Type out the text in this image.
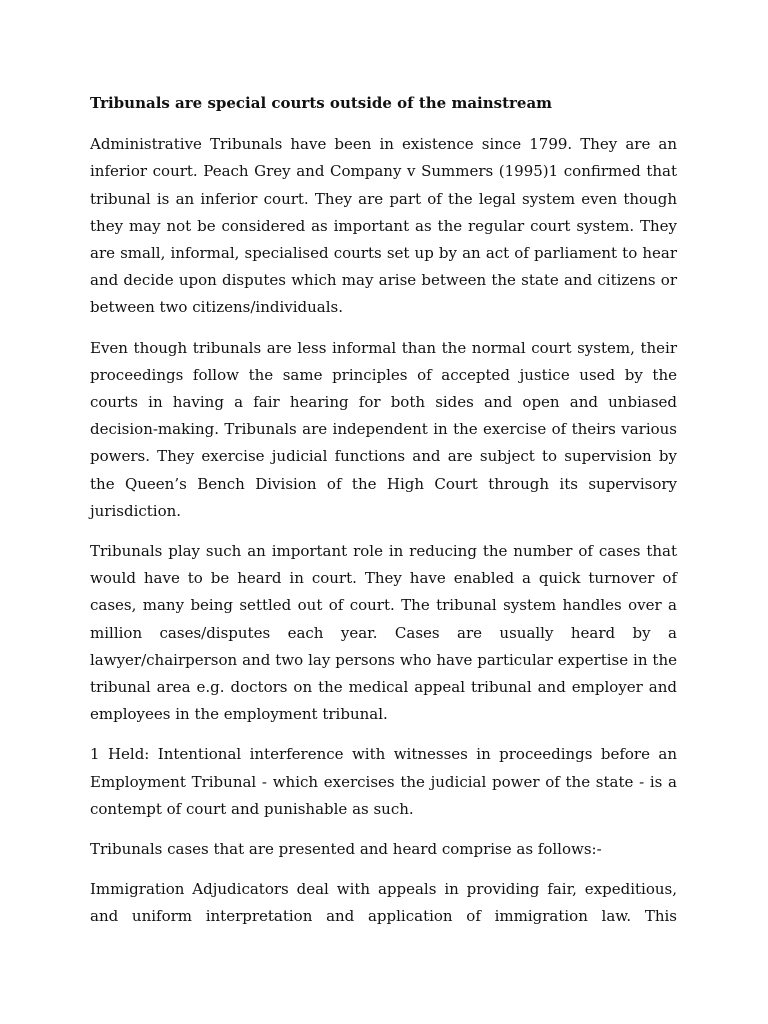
Tribunals are special courts outside of the mainstream

Administrative Tribunals have been in existence since 1799. They are an inferior court. Peach Grey and Company v Summers (1995)1 confirmed that tribunal is an inferior court. They are part of the legal system even though they may not be considered as important as the regular court system. They are small, informal, specialised courts set up by an act of parliament to hear and decide upon disputes which may arise between the state and citizens or between two citizens/individuals.

Even though tribunals are less informal than the normal court system, their proceedings follow the same principles of accepted justice used by the courts in having a fair hearing for both sides and open and unbiased decision-making. Tribunals are independent in the exercise of theirs various powers. They exercise judicial functions and are subject to supervision by the Queen’s Bench Division of the High Court through its supervisory jurisdiction.

Tribunals play such an important role in reducing the number of cases that would have to be heard in court. They have enabled a quick turnover of cases, many being settled out of court. The tribunal system handles over a million cases/disputes each year. Cases are usually heard by a lawyer/chairperson and two lay persons who have particular expertise in the tribunal area e.g. doctors on the medical appeal tribunal and employer and employees in the employment tribunal.

1 Held: Intentional interference with witnesses in proceedings before an Employment Tribunal - which exercises the judicial power of the state - is a contempt of court and punishable as such.

Tribunals cases that are presented and heard comprise as follows:-

Immigration Adjudicators deal with appeals in providing fair, expeditious, and uniform interpretation and application of immigration law. This
